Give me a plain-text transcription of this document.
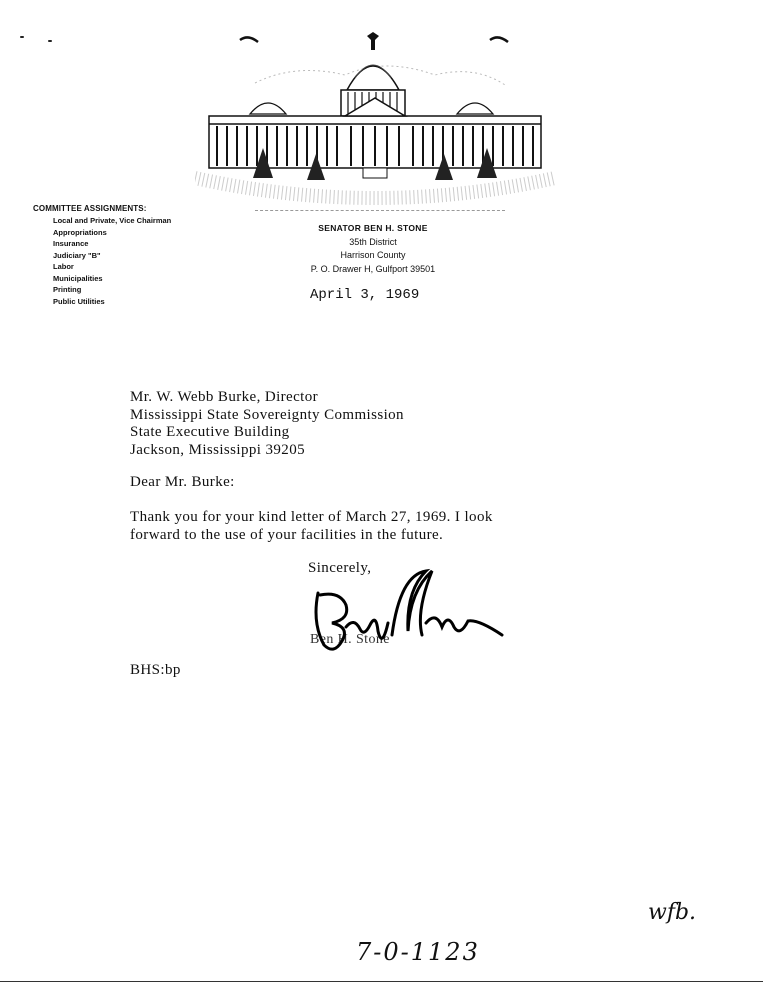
COMMITTEE ASSIGNMENTS:
Local and Private, Vice Chairman
Appropriations
Insurance
Judiciary "B"
Labor
Municipalities
Printing
Public Utilities
SENATOR BEN H. STONE
35th District
Harrison County
P. O. Drawer H, Gulfport 39501
April 3, 1969
Mr. W. Webb Burke, Director
Mississippi State Sovereignty Commission
State Executive Building
Jackson, Mississippi 39205
Dear Mr. Burke:
Thank you for your kind letter of March 27, 1969. I look
forward to the use of your facilities in the future.
Sincerely,
Ben H. Stone
BHS:bp
wfb.
7-0-1123
